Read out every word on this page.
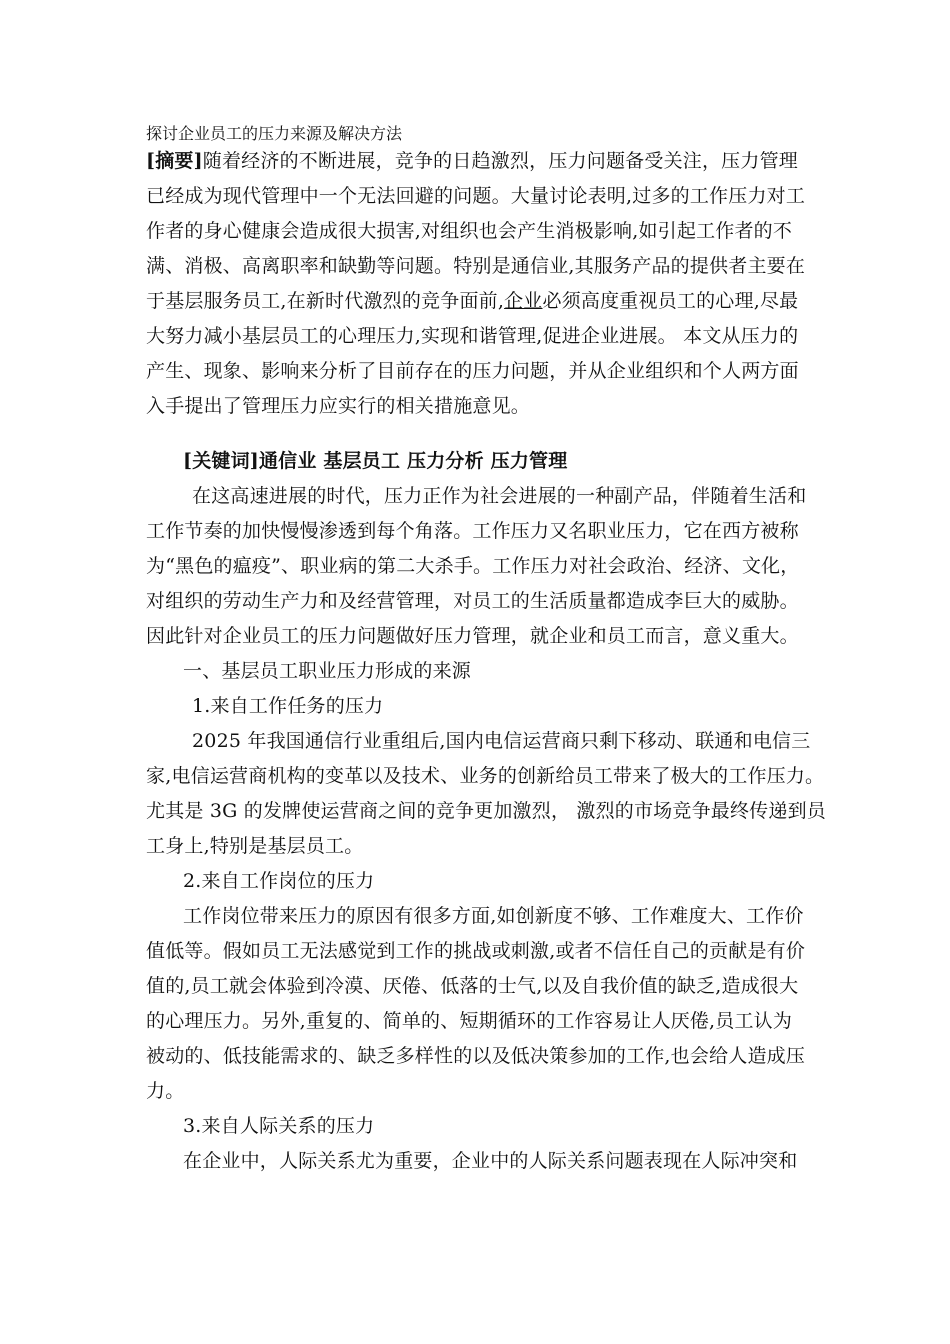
探讨企业员工的压力来源及解决方法
[摘要]随着经济的不断进展，竞争的日趋激烈，压力问题备受关注，压力管理
已经成为现代管理中一个无法回避的问题。大量讨论表明,过多的工作压力对工
作者的身心健康会造成很大损害,对组织也会产生消极影响,如引起工作者的不
满、消极、高离职率和缺勤等问题。特别是通信业,其服务产品的提供者主要在
于基层服务员工,在新时代激烈的竞争面前,企业必须高度重视员工的心理,尽最
大努力减小基层员工的心理压力,实现和谐管理,促进企业进展。 本文从压力的
产生、现象、影响来分析了目前存在的压力问题，并从企业组织和个人两方面
入手提出了管理压力应实行的相关措施意见。
[关键词]通信业 基层员工 压力分析 压力管理
在这高速进展的时代，压力正作为社会进展的一种副产品，伴随着生活和
工作节奏的加快慢慢渗透到每个角落。工作压力又名职业压力，它在西方被称
为“黑色的瘟疫”、职业病的第二大杀手。工作压力对社会政治、经济、文化，
对组织的劳动生产力和及经营管理，对员工的生活质量都造成李巨大的威胁。
因此针对企业员工的压力问题做好压力管理，就企业和员工而言，意义重大。
一、基层员工职业压力形成的来源
1.来自工作任务的压力
2025 年我国通信行业重组后,国内电信运营商只剩下移动、联通和电信三
家,电信运营商机构的变革以及技术、业务的创新给员工带来了极大的工作压力。
尤其是 3G 的发牌使运营商之间的竞争更加激烈， 激烈的市场竞争最终传递到员
工身上,特别是基层员工。
2.来自工作岗位的压力
工作岗位带来压力的原因有很多方面,如创新度不够、工作难度大、工作价
值低等。假如员工无法感觉到工作的挑战或刺激,或者不信任自己的贡献是有价
值的,员工就会体验到冷漠、厌倦、低落的士气,以及自我价值的缺乏,造成很大
的心理压力。另外,重复的、简单的、短期循环的工作容易让人厌倦,员工认为
被动的、低技能需求的、缺乏多样性的以及低决策参加的工作,也会给人造成压
力。
3.来自人际关系的压力
在企业中，人际关系尤为重要，企业中的人际关系问题表现在人际冲突和
